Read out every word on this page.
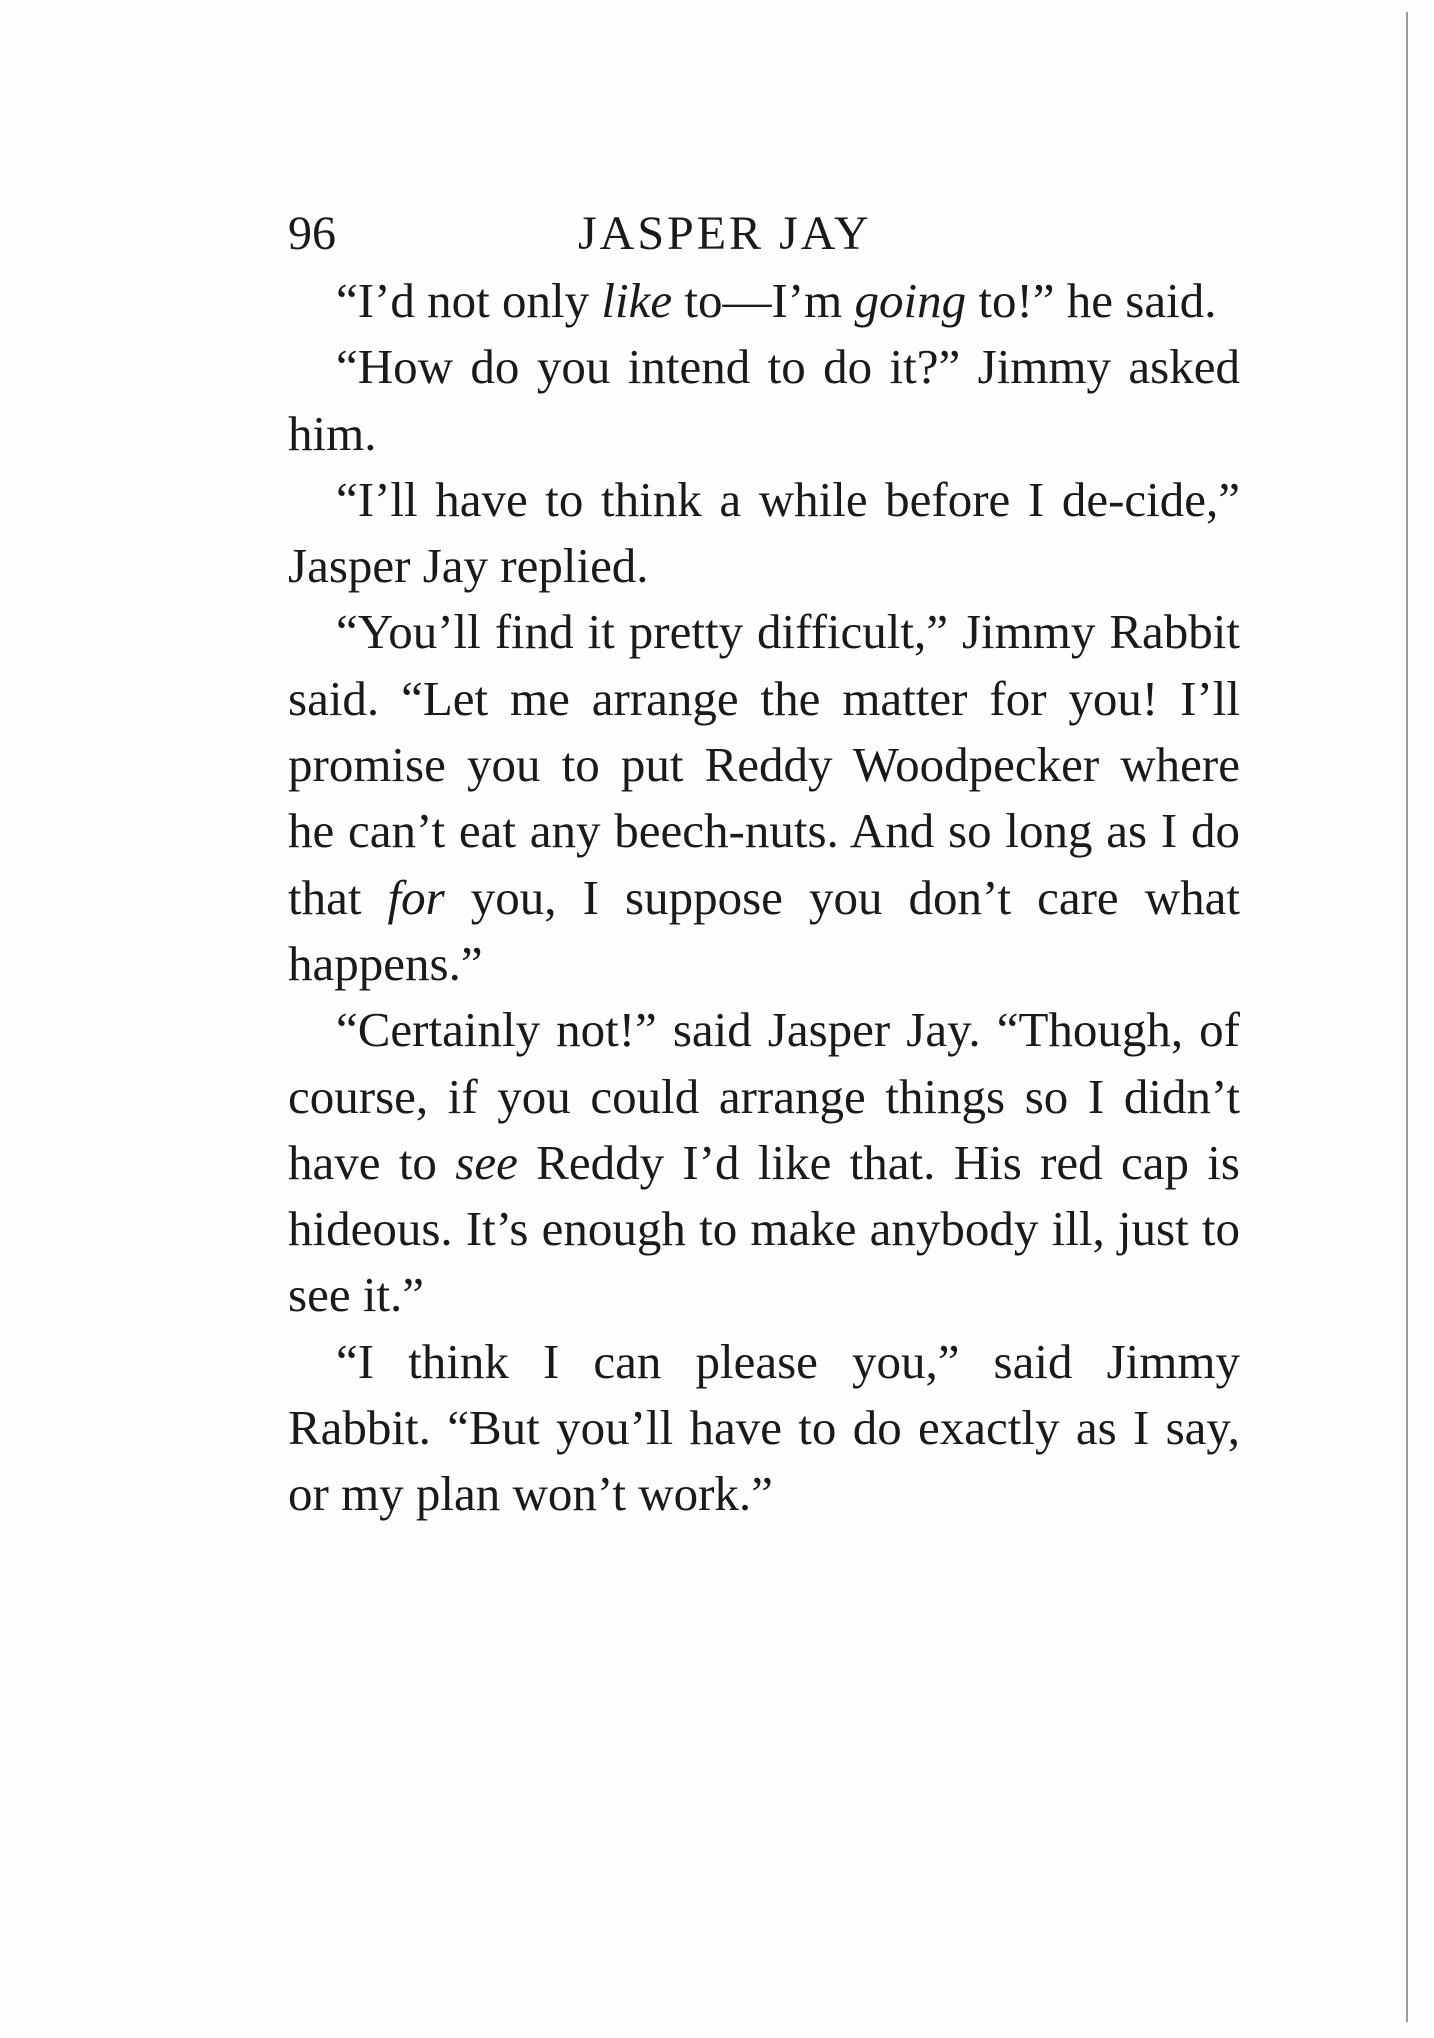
96	JASPER JAY

“I’d not only like to—I’m going to!” he said.

“How do you intend to do it?” Jimmy asked him.

“I’ll have to think a while before I de-cide,” Jasper Jay replied.

“You’ll find it pretty difficult,” Jimmy Rabbit said. “Let me arrange the matter for you! I’ll promise you to put Reddy Woodpecker where he can’t eat any beech-nuts. And so long as I do that for you, I suppose you don’t care what happens.”

“Certainly not!” said Jasper Jay. “Though, of course, if you could arrange things so I didn’t have to see Reddy I’d like that. His red cap is hideous. It’s enough to make anybody ill, just to see it.”

“I think I can please you,” said Jimmy Rabbit. “But you’ll have to do exactly as I say, or my plan won’t work.”
